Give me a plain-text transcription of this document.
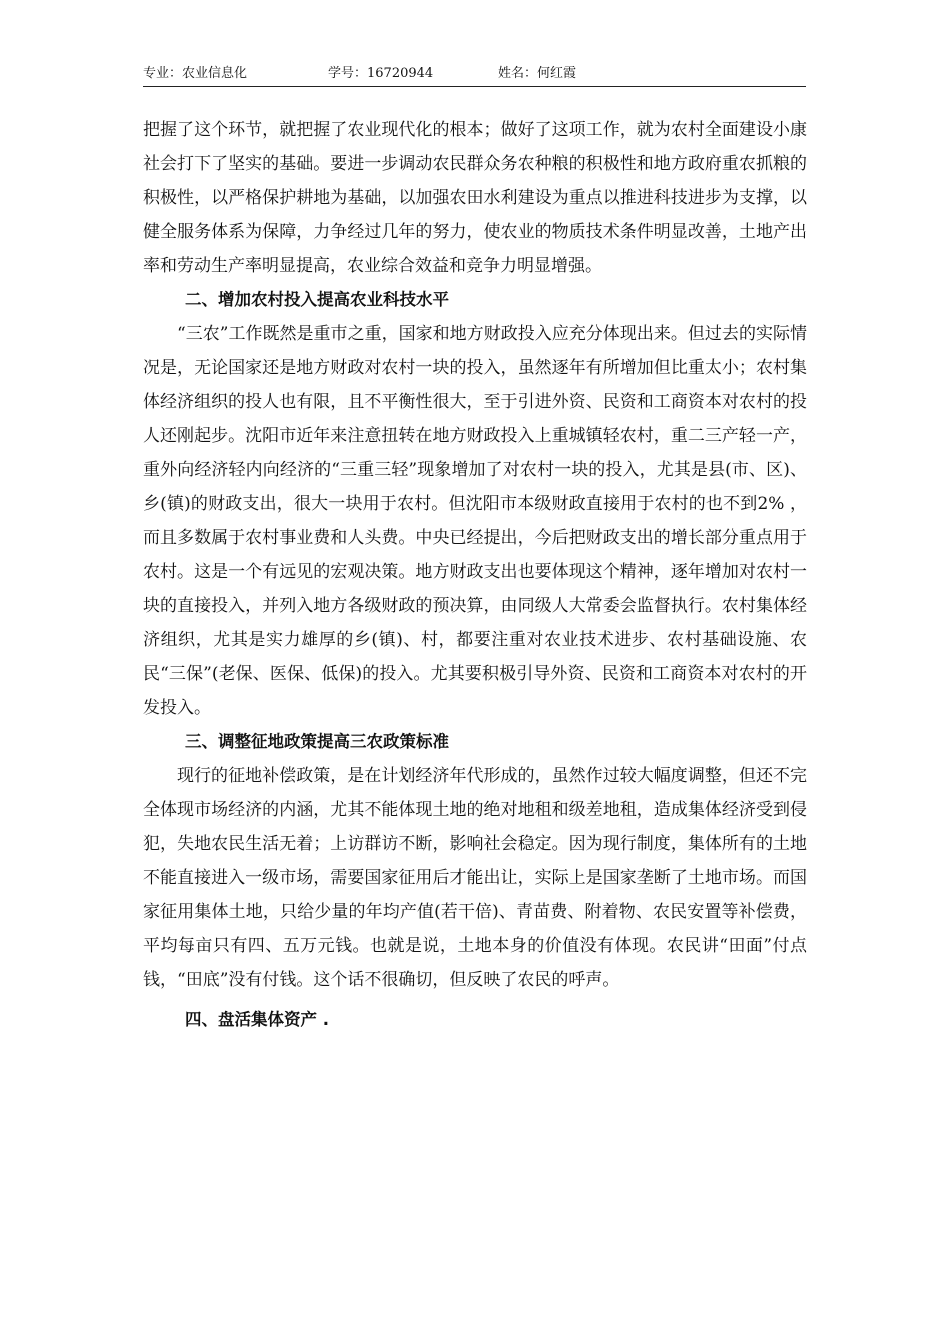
专业：农业信息化	学号：16720944	姓名：何红霞

把握了这个环节，就把握了农业现代化的根本；做好了这项工作，就为农村全面建设小康社会打下了坚实的基础。要进一步调动农民群众务农种粮的积极性和地方政府重农抓粮的积极性，以严格保护耕地为基础，以加强农田水利建设为重点以推进科技进步为支撑，以健全服务体系为保障，力争经过几年的努力，使农业的物质技术条件明显改善，土地产出率和劳动生产率明显提高，农业综合效益和竞争力明显增强。

二、增加农村投入提高农业科技水平

“三农”工作既然是重巿之重，国家和地方财政投入应充分体现出来。但过去的实际情况是，无论国家还是地方财政对农村一块的投入，虽然逐年有所增加但比重太小；农村集体经济组织的投人也有限，且不平衡性很大，至于引进外资、民资和工商资本对农村的投人还刚起步。沈阳市近年来注意扭转在地方财政投入上重城镇轻农村，重二三产轻一产，重外向经济轻内向经济的“三重三轻”现象增加了对农村一块的投入，尤其是县(市、区)、乡(镇)的财政支出，很大一块用于农村。但沈阳市本级财政直接用于农村的也不到2% ，而且多数属于农村事业费和人头费。中央已经提出，今后把财政支出的增长部分重点用于农村。这是一个有远见的宏观决策。地方财政支出也要体现这个精神，逐年增加对农村一块的直接投入，并列入地方各级财政的预决算，由同级人大常委会监督执行。农村集体经济组织，尤其是实力雄厚的乡(镇)、村，都要注重对农业技术进步、农村基础设施、农民“三保”(老保、医保、低保)的投入。尤其要积极引导外资、民资和工商资本对农村的开发投入。

三、调整征地政策提高三农政策标准

现行的征地补偿政策，是在计划经济年代形成的，虽然作过较大幅度调整，但还不完全体现市场经济的内涵，尤其不能体现土地的绝对地租和级差地租，造成集体经济受到侵犯，失地农民生活无着；上访群访不断，影响社会稳定。因为现行制度，集体所有的土地不能直接进入一级市场，需要国家征用后才能出让，实际上是国家垄断了土地市场。而国家征用集体土地，只给少量的年均产值(若干倍)、青苗费、附着物、农民安置等补偿费，平均每亩只有四、五万元钱。也就是说，土地本身的价值没有体现。农民讲“田面”付点钱，“田底”没有付钱。这个话不很确切，但反映了农民的呼声。

四、盘活集体资产 .
